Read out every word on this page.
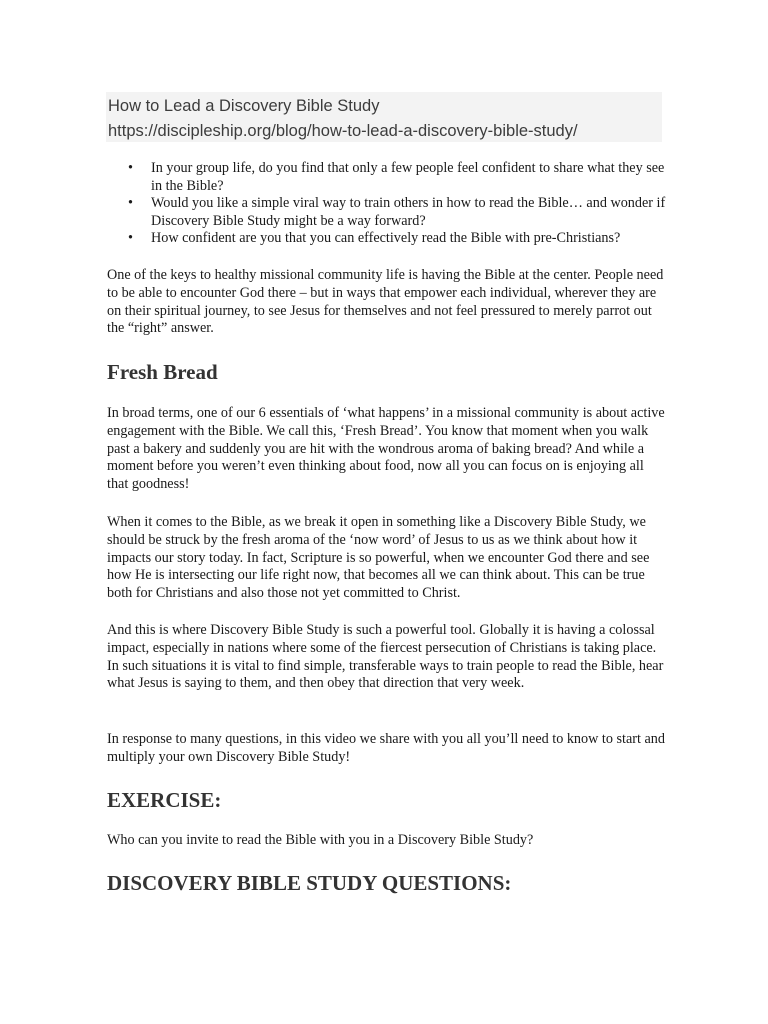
How to Lead a Discovery Bible Study
https://discipleship.org/blog/how-to-lead-a-discovery-bible-study/
• In your group life, do you find that only a few people feel confident to share what they see in the Bible?
• Would you like a simple viral way to train others in how to read the Bible… and wonder if Discovery Bible Study might be a way forward?
• How confident are you that you can effectively read the Bible with pre-Christians?

One of the keys to healthy missional community life is having the Bible at the center. People need to be able to encounter God there – but in ways that empower each individual, wherever they are on their spiritual journey, to see Jesus for themselves and not feel pressured to merely parrot out the “right” answer.

Fresh Bread

In broad terms, one of our 6 essentials of ‘what happens’ in a missional community is about active engagement with the Bible. We call this, ‘Fresh Bread’. You know that moment when you walk past a bakery and suddenly you are hit with the wondrous aroma of baking bread? And while a moment before you weren’t even thinking about food, now all you can focus on is enjoying all that goodness!

When it comes to the Bible, as we break it open in something like a Discovery Bible Study, we should be struck by the fresh aroma of the ‘now word’ of Jesus to us as we think about how it impacts our story today. In fact, Scripture is so powerful, when we encounter God there and see how He is intersecting our life right now, that becomes all we can think about. This can be true both for Christians and also those not yet committed to Christ.

And this is where Discovery Bible Study is such a powerful tool. Globally it is having a colossal impact, especially in nations where some of the fiercest persecution of Christians is taking place. In such situations it is vital to find simple, transferable ways to train people to read the Bible, hear what Jesus is saying to them, and then obey that direction that very week.

In response to many questions, in this video we share with you all you’ll need to know to start and multiply your own Discovery Bible Study!

EXERCISE:

Who can you invite to read the Bible with you in a Discovery Bible Study?

DISCOVERY BIBLE STUDY QUESTIONS:
